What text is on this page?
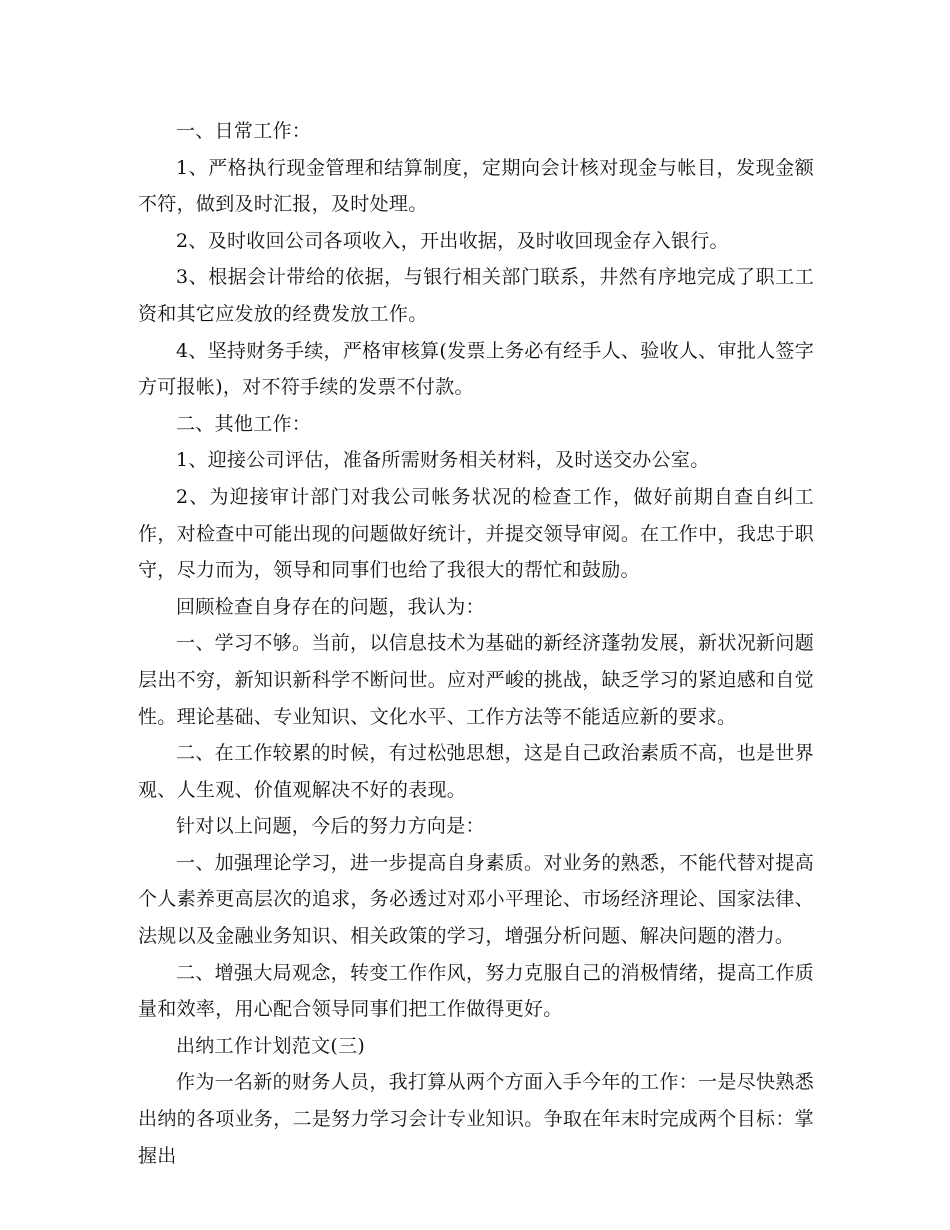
一、日常工作：

1、严格执行现金管理和结算制度，定期向会计核对现金与帐目，发现金额不符，做到及时汇报，及时处理。

2、及时收回公司各项收入，开出收据，及时收回现金存入银行。

3、根据会计带给的依据，与银行相关部门联系，井然有序地完成了职工工资和其它应发放的经费发放工作。

4、坚持财务手续，严格审核算(发票上务必有经手人、验收人、审批人签字方可报帐)，对不符手续的发票不付款。

二、其他工作：

1、迎接公司评估，准备所需财务相关材料，及时送交办公室。

2、为迎接审计部门对我公司帐务状况的检查工作，做好前期自查自纠工作，对检查中可能出现的问题做好统计，并提交领导审阅。在工作中，我忠于职守，尽力而为，领导和同事们也给了我很大的帮忙和鼓励。

回顾检查自身存在的问题，我认为：

一、学习不够。当前，以信息技术为基础的新经济蓬勃发展，新状况新问题层出不穷，新知识新科学不断问世。应对严峻的挑战，缺乏学习的紧迫感和自觉性。理论基础、专业知识、文化水平、工作方法等不能适应新的要求。

二、在工作较累的时候，有过松弛思想，这是自己政治素质不高，也是世界观、人生观、价值观解决不好的表现。

针对以上问题，今后的努力方向是：

一、加强理论学习，进一步提高自身素质。对业务的熟悉，不能代替对提高个人素养更高层次的追求，务必透过对邓小平理论、市场经济理论、国家法律、法规以及金融业务知识、相关政策的学习，增强分析问题、解决问题的潜力。

二、增强大局观念，转变工作作风，努力克服自己的消极情绪，提高工作质量和效率，用心配合领导同事们把工作做得更好。

出纳工作计划范文(三)

作为一名新的财务人员，我打算从两个方面入手今年的工作：一是尽快熟悉出纳的各项业务，二是努力学习会计专业知识。争取在年末时完成两个目标：掌握出
